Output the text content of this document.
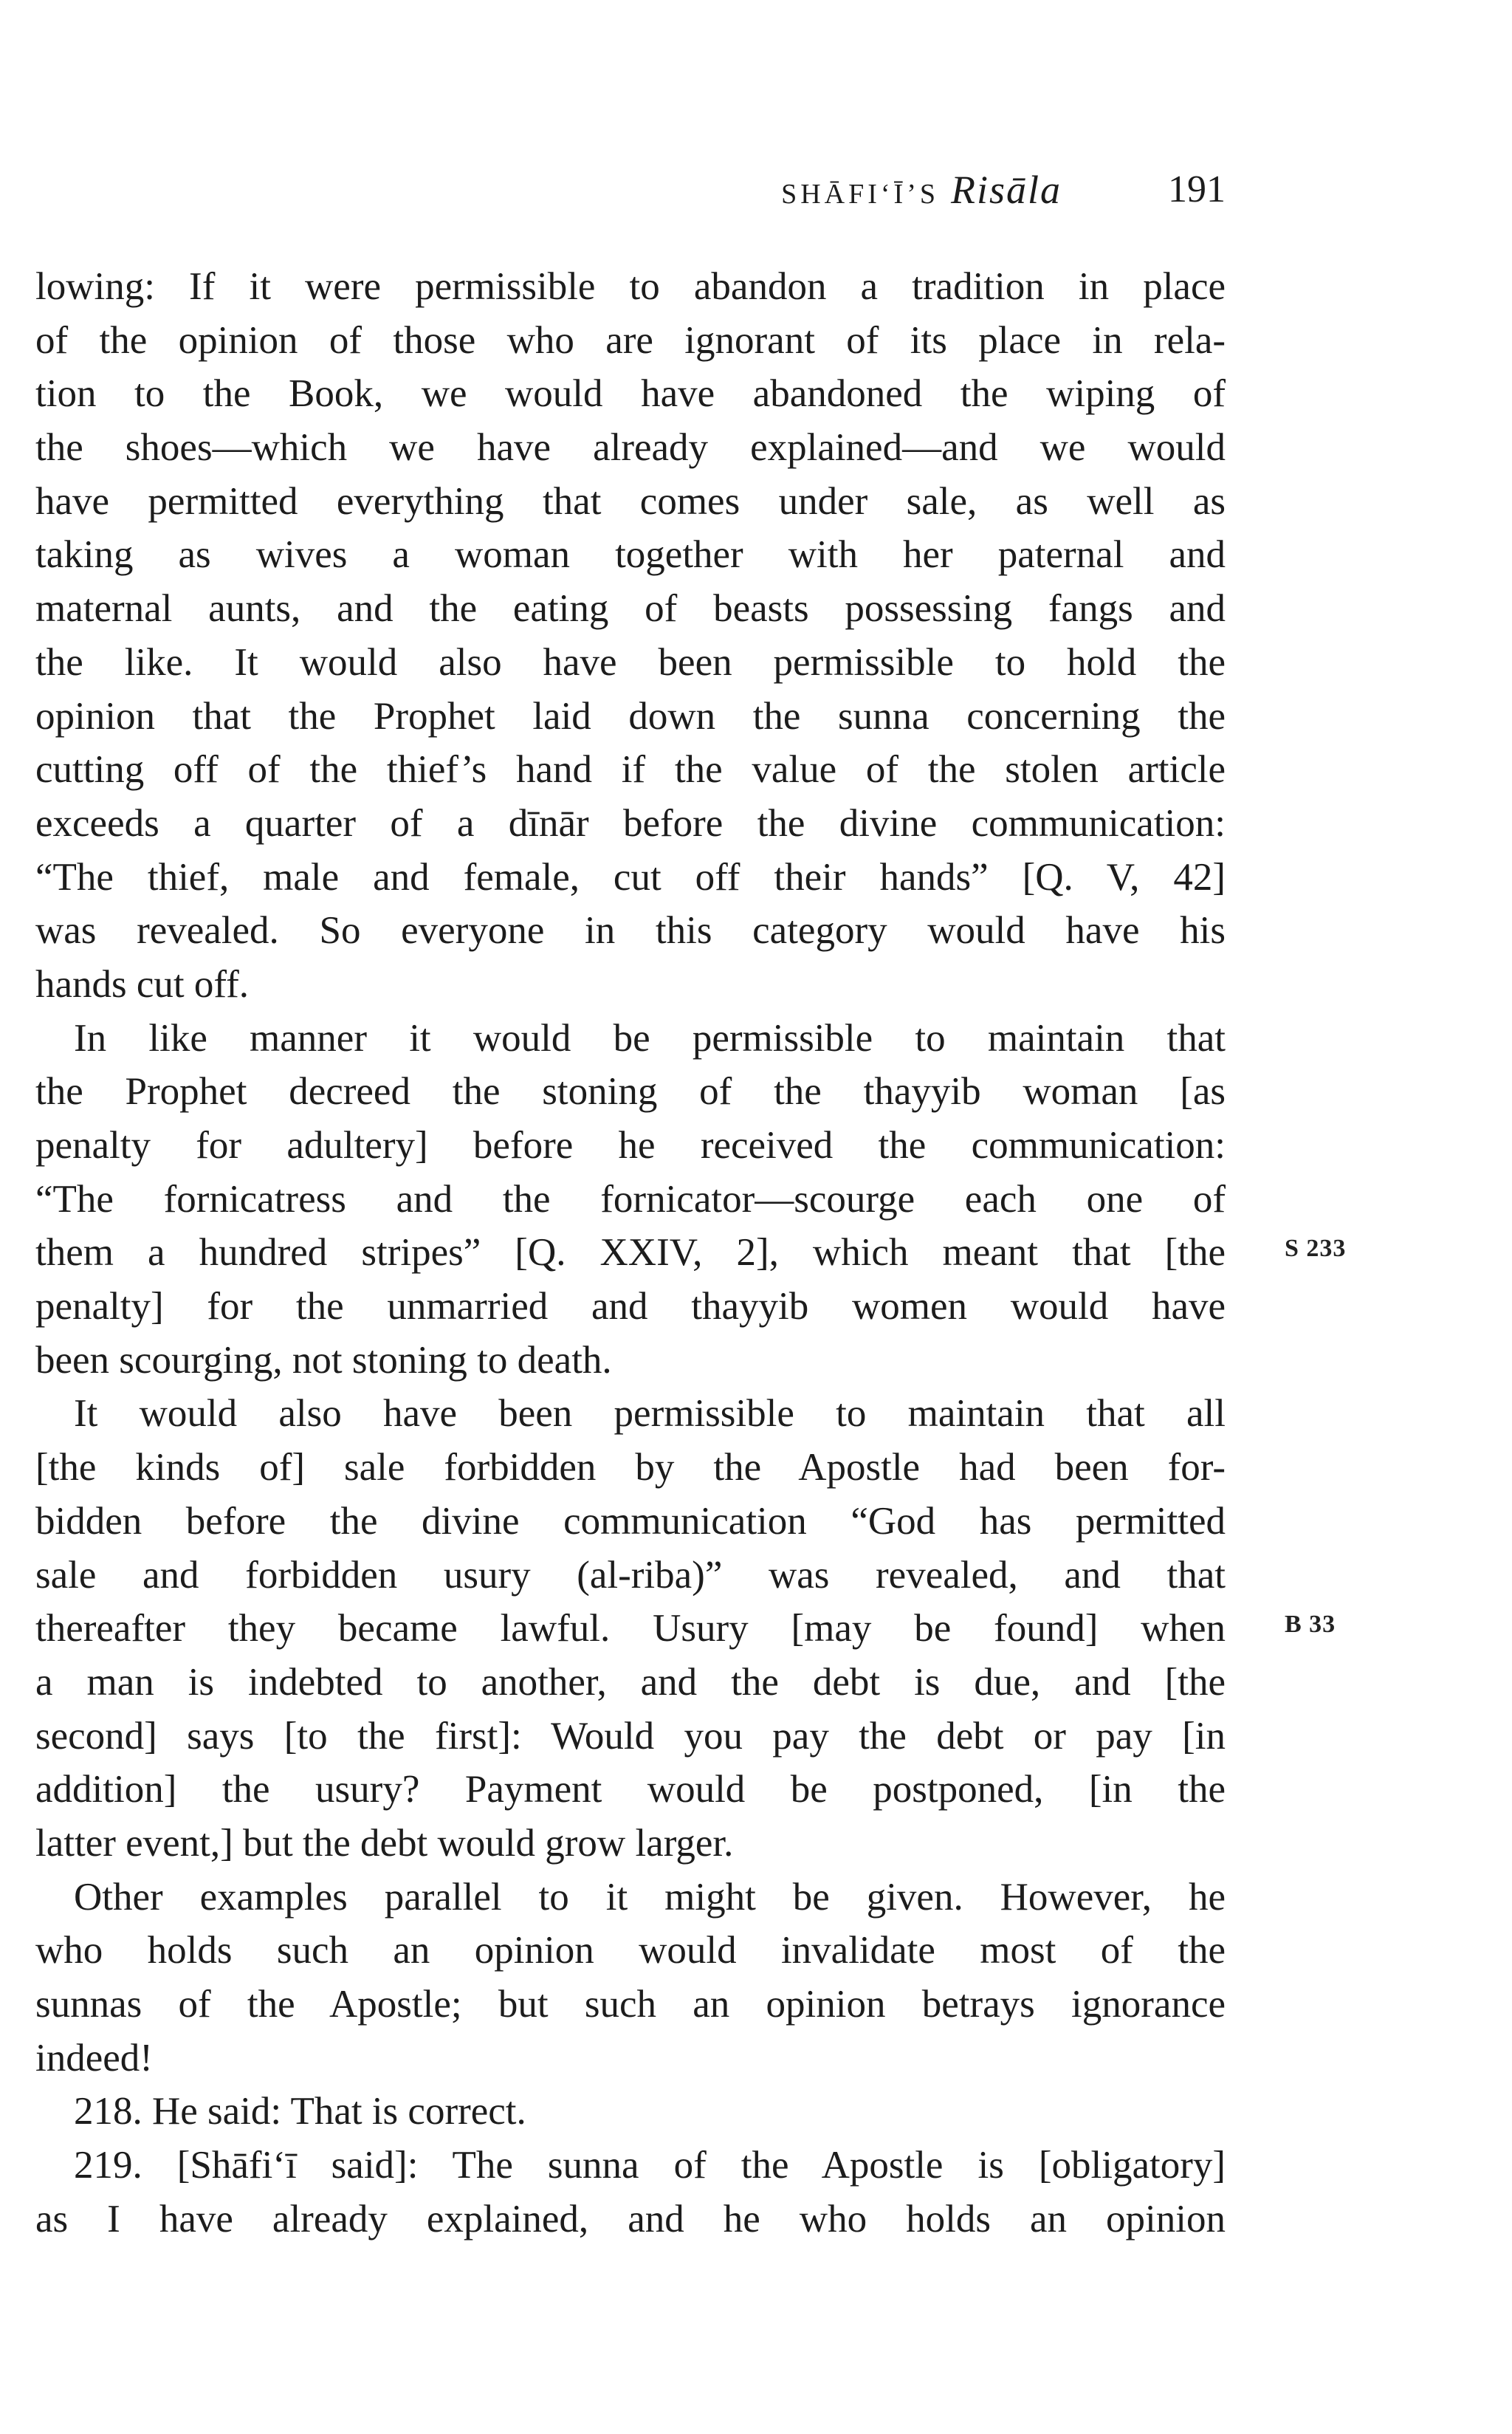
SHĀFI‘Ī’S Risāla	191
lowing: If it were permissible to abandon a tradition in place
of the opinion of those who are ignorant of its place in rela-
tion to the Book, we would have abandoned the wiping of
the shoes—which we have already explained—and we would
have permitted everything that comes under sale, as well as
taking as wives a woman together with her paternal and
maternal aunts, and the eating of beasts possessing fangs and
the like. It would also have been permissible to hold the
opinion that the Prophet laid down the sunna concerning the
cutting off of the thief’s hand if the value of the stolen article
exceeds a quarter of a dīnār before the divine communication:
“The thief, male and female, cut off their hands” [Q. V, 42]
was revealed. So everyone in this category would have his
hands cut off.
In like manner it would be permissible to maintain that
the Prophet decreed the stoning of the thayyib woman [as
penalty for adultery] before he received the communication:
“The fornicatress and the fornicator—scourge each one of
them a hundred stripes” [Q. XXIV, 2], which meant that [the
penalty] for the unmarried and thayyib women would have
been scourging, not stoning to death.
It would also have been permissible to maintain that all
[the kinds of] sale forbidden by the Apostle had been for-
bidden before the divine communication “God has permitted
sale and forbidden usury (al-riba)” was revealed, and that
thereafter they became lawful. Usury [may be found] when
a man is indebted to another, and the debt is due, and [the
second] says [to the first]: Would you pay the debt or pay [in
addition] the usury? Payment would be postponed, [in the
latter event,] but the debt would grow larger.
Other examples parallel to it might be given. However, he
who holds such an opinion would invalidate most of the
sunnas of the Apostle; but such an opinion betrays ignorance
indeed!
218. He said: That is correct.
219. [Shāfi‘ī said]: The sunna of the Apostle is [obligatory]
as I have already explained, and he who holds an opinion
S 233
B 33
